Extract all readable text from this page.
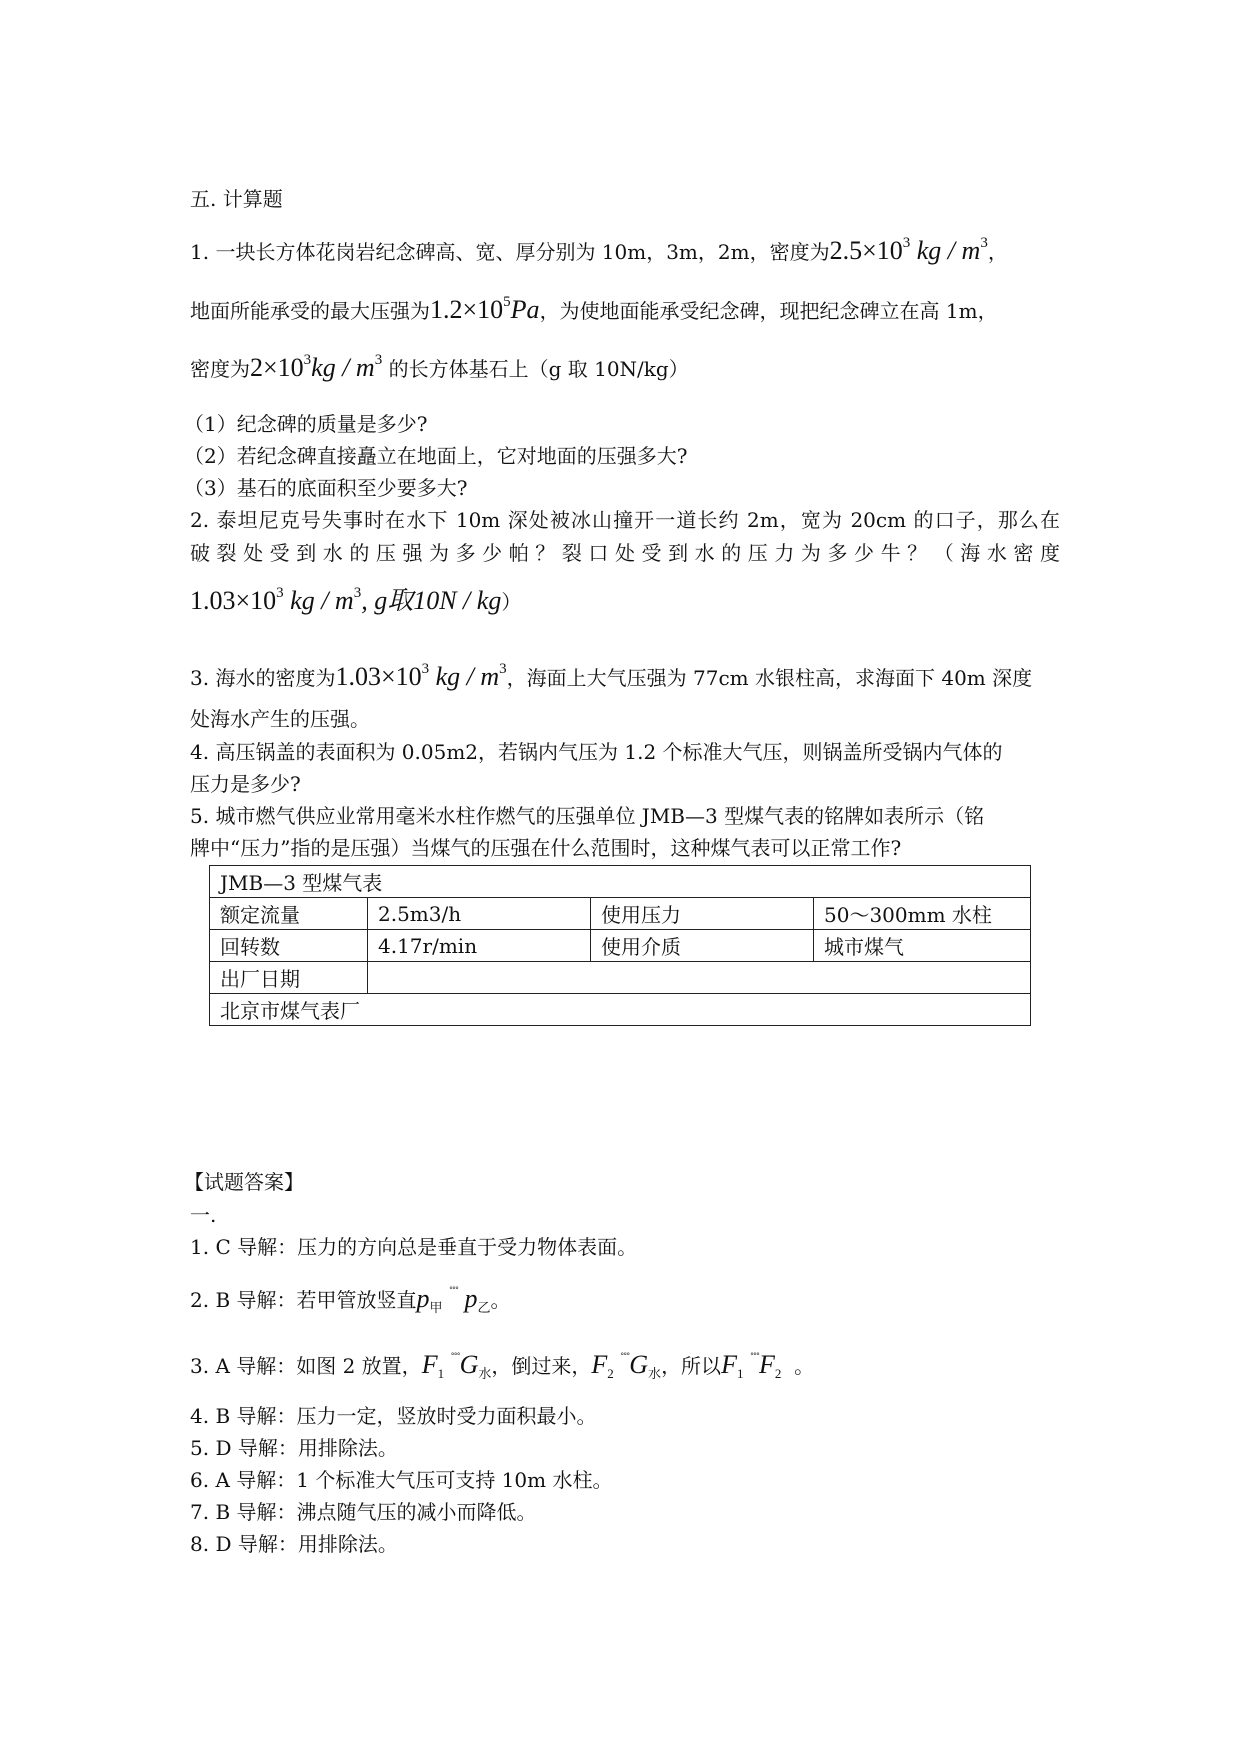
五. 计算题
1. 一块长方体花岗岩纪念碑高、宽、厚分别为 10m，3m，2m，密度为$2.5\times 10^3$ kg / $m^3$，
地面所能承受的最大压强为$1.2\times 10^5Pa$，为使地面能承受纪念碑，现把纪念碑立在高 1m，
密度为$2\times 10^3kg / m^3$ 的长方体基石上（g 取 10N/kg）
（1）纪念碑的质量是多少?
（2）若纪念碑直接矗立在地面上，它对地面的压强多大?
（3）基石的底面积至少要多大?
2. 泰坦尼克号失事时在水下 10m 深处被冰山撞开一道长约 2m，宽为 20cm 的口子，那么在
破裂处受到水的压强为多少帕？裂口处受到水的压力为多少牛？（海水密度
$1.03\times 10^3$ kg / $m^3$, g取10N / kg）
3. 海水的密度为$1.03\times 10^3$ kg / $m^3$，海面上大气压强为 77cm 水银柱高，求海面下 40m 深度
处海水产生的压强。
4. 高压锅盖的表面积为 0.05m2，若锅内气压为 1.2 个标准大气压，则锅盖所受锅内气体的
压力是多少?
5. 城市燃气供应业常用毫米水柱作燃气的压强单位 JMB—3 型煤气表的铭牌如表所示（铭
牌中“压力”指的是压强）当煤气的压强在什么范围时，这种煤气表可以正常工作?
JMB—3 型煤气表			
额定流量	2.5m3/h	使用压力	50～300mm 水柱
回转数	4.17r/min	使用介质	城市煤气
出厂日期			
北京市煤气表厂			
【试题答案】
一.
1. C 导解：压力的方向总是垂直于受力物体表面。
2. B 导解：若甲管放竖直p甲 ˚˚˚ p乙。
3. A 导解：如图 2 放置，F1 ˚˚˚G水，倒过来，F2 ˚˚˚G水，所以F1 ˚˚˚F2 。
4. B 导解：压力一定，竖放时受力面积最小。
5. D 导解：用排除法。
6. A 导解：1 个标准大气压可支持 10m 水柱。
7. B 导解：沸点随气压的减小而降低。
8. D 导解：用排除法。
